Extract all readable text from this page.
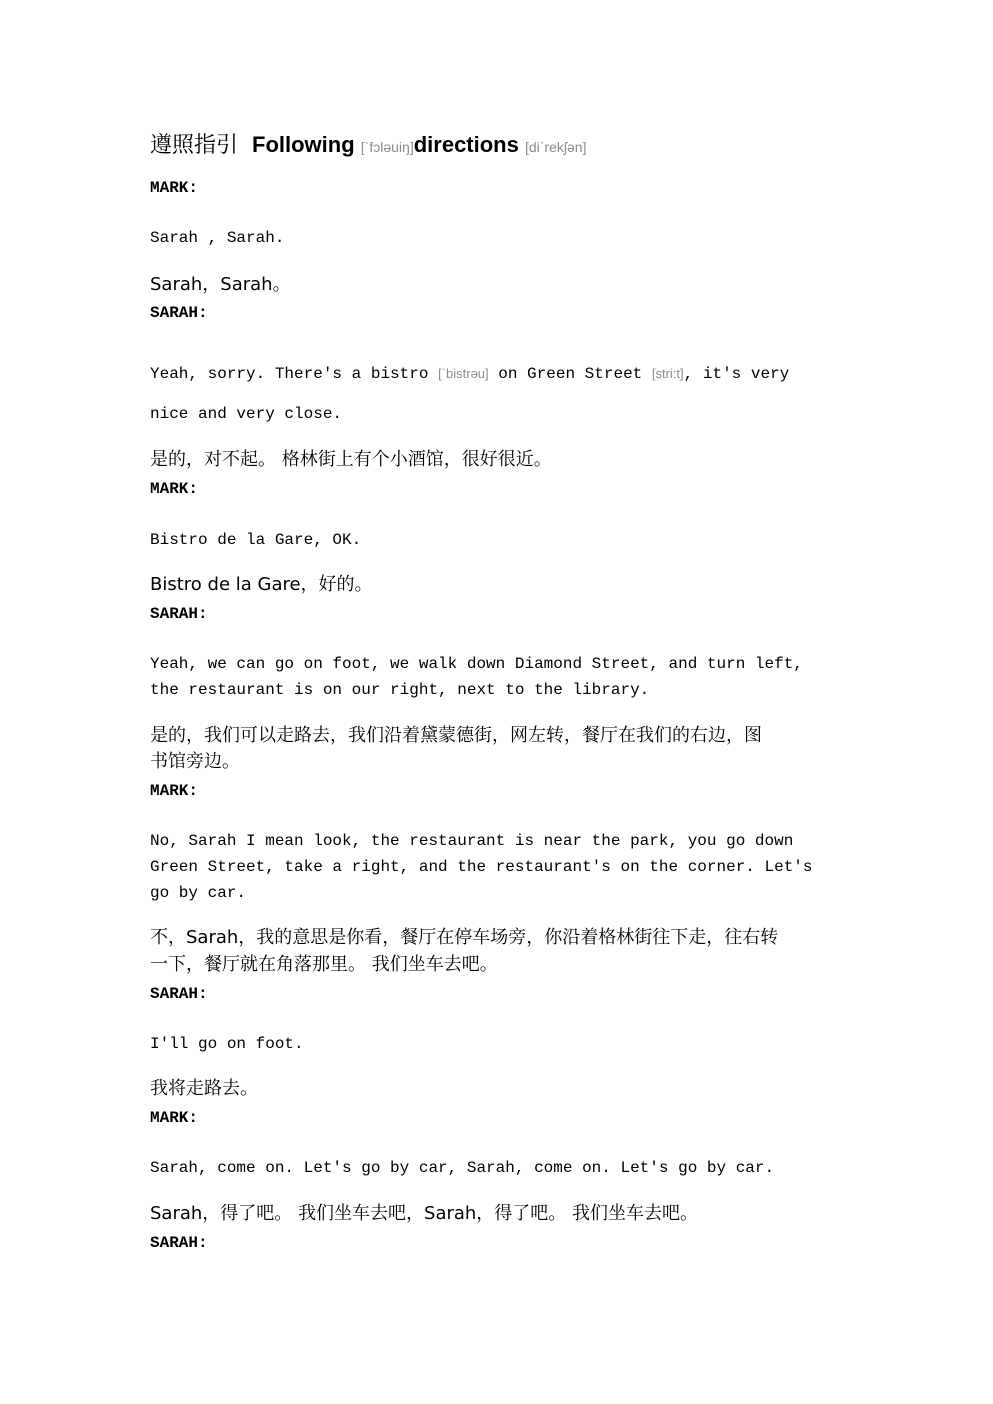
遵照指引 Following [ˈfɔləuiŋ]directions [diˈrekʃən]
MARK:
Sarah , Sarah.
Sarah，Sarah。
SARAH:
Yeah, sorry. There's a bistro [ˈbistrəu] on Green Street [stri:t], it's very
nice and very close.
是的，对不起。 格林街上有个小酒馆，很好很近。
MARK:
Bistro de la Gare, OK.
Bistro de la Gare，好的。
SARAH:
Yeah, we can go on foot, we walk down Diamond Street, and turn left,
the restaurant is on our right, next to the library.
是的，我们可以走路去，我们沿着黛蒙德街，网左转，餐厅在我们的右边，图
书馆旁边。
MARK:
No, Sarah I mean look, the restaurant is near the park, you go down
Green Street, take a right, and the restaurant's on the corner. Let's
go by car.
不，Sarah，我的意思是你看，餐厅在停车场旁，你沿着格林街往下走，往右转
一下，餐厅就在角落那里。 我们坐车去吧。
SARAH:
I'll go on foot.
我将走路去。
MARK:
Sarah, come on. Let's go by car, Sarah, come on. Let's go by car.
Sarah，得了吧。 我们坐车去吧，Sarah，得了吧。 我们坐车去吧。
SARAH:
